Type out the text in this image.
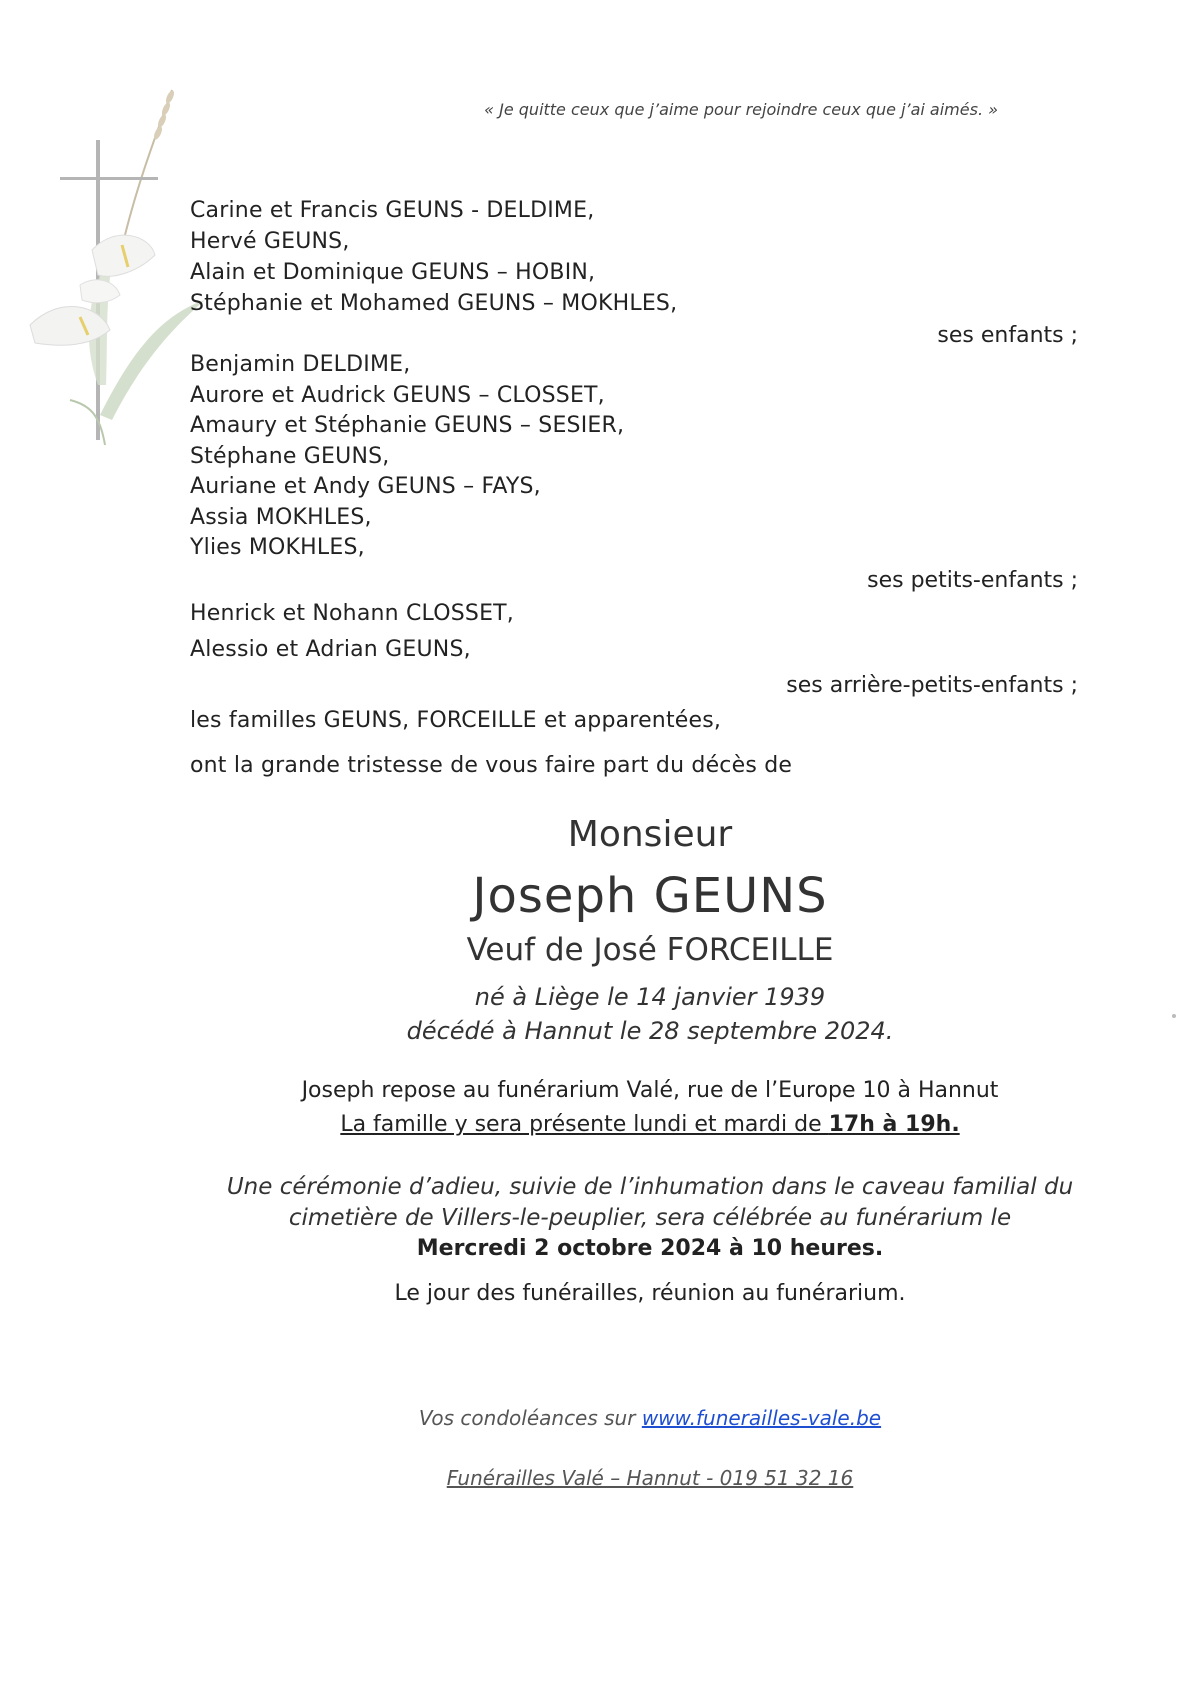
« Je quitte ceux que j’aime pour rejoindre ceux que j’ai aimés. »
Carine et Francis GEUNS - DELDIME,
Hervé GEUNS,
Alain et Dominique GEUNS – HOBIN,
Stéphanie et Mohamed GEUNS – MOKHLES,
ses enfants ;
Benjamin DELDIME,
Aurore et Audrick GEUNS – CLOSSET,
Amaury et Stéphanie GEUNS – SESIER,
Stéphane GEUNS,
Auriane et Andy GEUNS – FAYS,
Assia MOKHLES,
Ylies MOKHLES,
ses petits-enfants ;
Henrick et Nohann CLOSSET,
Alessio et Adrian GEUNS,
ses arrière-petits-enfants ;
les familles GEUNS, FORCEILLE et apparentées,
ont la grande tristesse de vous faire part du décès de
Monsieur
Joseph GEUNS
Veuf de José FORCEILLE
né à Liège le 14 janvier 1939
décédé à Hannut le 28 septembre 2024.
Joseph repose au funérarium Valé, rue de l’Europe 10 à Hannut
La famille y sera présente lundi et mardi de 17h à 19h.
Une cérémonie d’adieu, suivie de l’inhumation dans le caveau familial du
cimetière de Villers-le-peuplier, sera célébrée au funérarium le
Mercredi 2 octobre 2024 à 10 heures.
Le jour des funérailles, réunion au funérarium.
Vos condoléances sur www.funerailles-vale.be
Funérailles Valé – Hannut - 019 51 32 16
